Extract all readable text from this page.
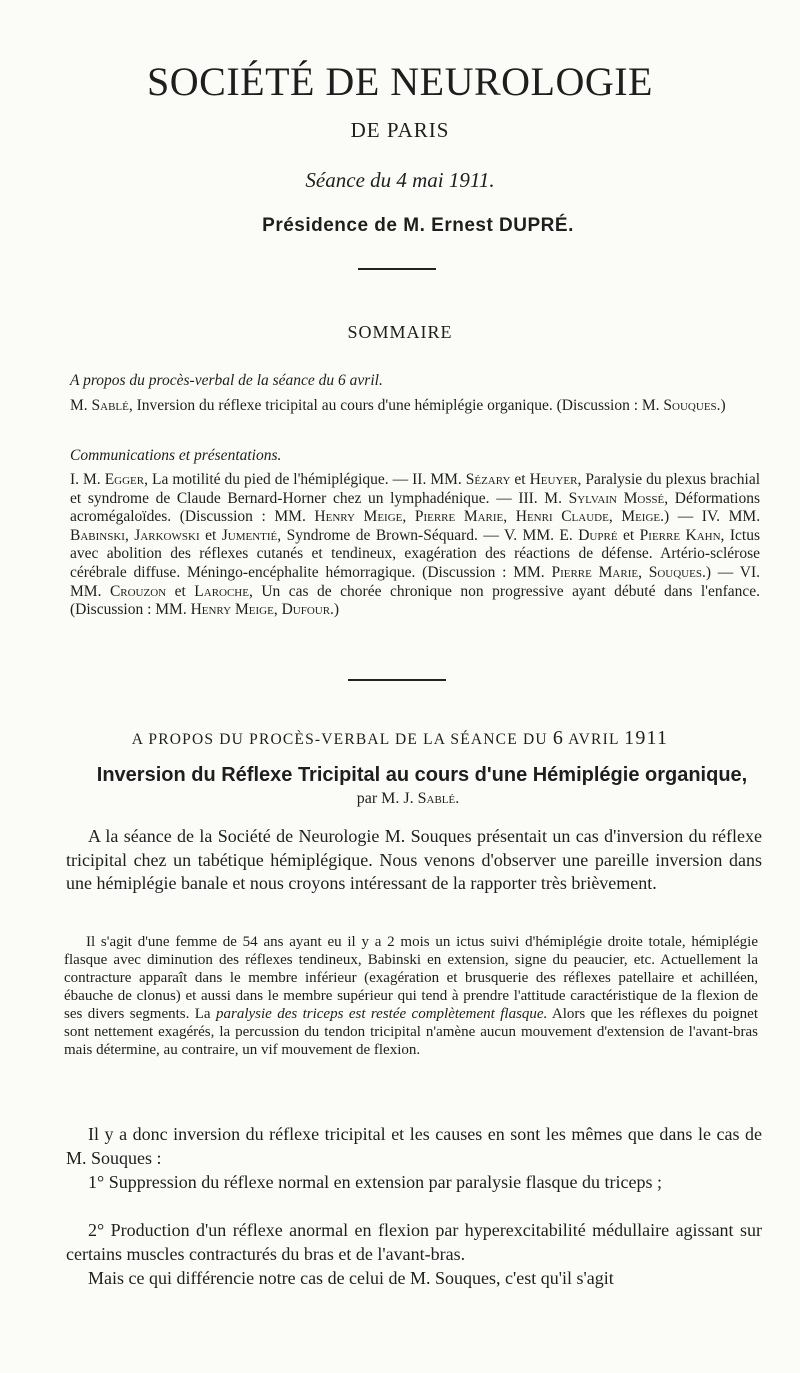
SOCIÉTÉ DE NEUROLOGIE
DE PARIS
Séance du 4 mai 1911.
Présidence de M. Ernest DUPRÉ.
SOMMAIRE
A propos du procès-verbal de la séance du 6 avril.
M. Sablé, Inversion du réflexe tricipital au cours d'une hémiplégie organique. (Discussion : M. Souques.)
Communications et présentations.
I. M. Egger, La motilité du pied de l'hémiplégique. — II. MM. Sézary et Heuyer, Paralysie du plexus brachial et syndrome de Claude Bernard-Horner chez un lymphadénique. — III. M. Sylvain Mossé, Déformations acromégaloïdes. (Discussion : MM. Henry Meige, Pierre Marie, Henri Claude, Meige.) — IV. MM. Babinski, Jarkowski et Jumentié, Syndrome de Brown-Séquard. — V. MM. E. Dupré et Pierre Kahn, Ictus avec abolition des réflexes cutanés et tendineux, exagération des réactions de défense. Artério-sclérose cérébrale diffuse. Méningo-encéphalite hémorragique. (Discussion : MM. Pierre Marie, Souques.) — VI. MM. Crouzon et Laroche, Un cas de chorée chronique non progressive ayant débuté dans l'enfance. (Discussion : MM. Henry Meige, Dufour.)
A PROPOS DU PROCÈS-VERBAL DE LA SÉANCE DU 6 AVRIL 1911
Inversion du Réflexe Tricipital au cours d'une Hémiplégie organique,
par M. J. Sablé.
A la séance de la Société de Neurologie M. Souques présentait un cas d'inversion du réflexe tricipital chez un tabétique hémiplégique. Nous venons d'observer une pareille inversion dans une hémiplégie banale et nous croyons intéressant de la rapporter très brièvement.
Il s'agit d'une femme de 54 ans ayant eu il y a 2 mois un ictus suivi d'hémiplégie droite totale, hémiplégie flasque avec diminution des réflexes tendineux, Babinski en extension, signe du peaucier, etc. Actuellement la contracture apparaît dans le membre inférieur (exagération et brusquerie des réflexes patellaire et achilléen, ébauche de clonus) et aussi dans le membre supérieur qui tend à prendre l'attitude caractéristique de la flexion de ses divers segments. La paralysie des triceps est restée complètement flasque. Alors que les réflexes du poignet sont nettement exagérés, la percussion du tendon tricipital n'amène aucun mouvement d'extension de l'avant-bras mais détermine, au contraire, un vif mouvement de flexion.
Il y a donc inversion du réflexe tricipital et les causes en sont les mêmes que dans le cas de M. Souques :
1° Suppression du réflexe normal en extension par paralysie flasque du triceps ;
2° Production d'un réflexe anormal en flexion par hyperexcitabilité médullaire agissant sur certains muscles contracturés du bras et de l'avant-bras.
Mais ce qui différencie notre cas de celui de M. Souques, c'est qu'il s'agit
